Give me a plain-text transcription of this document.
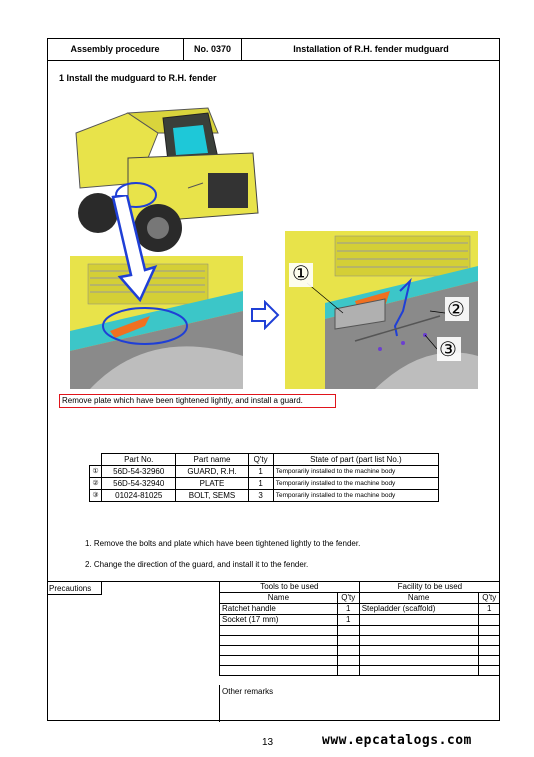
Assembly procedure	No. 0370	Installation of R.H. fender mudguard
1 Install the mudguard to R.H. fender
①
②
③
Remove plate which have been tightened lightly, and install a guard.
	Part No.	Part name	Q'ty	State of part (part list No.)
①	56D-54-32960	GUARD, R.H.	1	Temporarily installed to the machine body
②	56D-54-32940	PLATE	1	Temporarily installed to the machine body
③	01024-81025	BOLT, SEMS	3	Temporarily installed to the machine body
1. Remove the bolts and plate which have been tightened lightly to the fender.
2. Change the direction of the guard, and install it to the fender.
Precautions	Tools to be used		Facility to be used	
Name	Q'ty	Name	Q'ty
Ratchet handle	1	Stepladder (scaffold)	1
Socket (17 mm)	1		

Other remarks
13	www.epcatalogs.com
